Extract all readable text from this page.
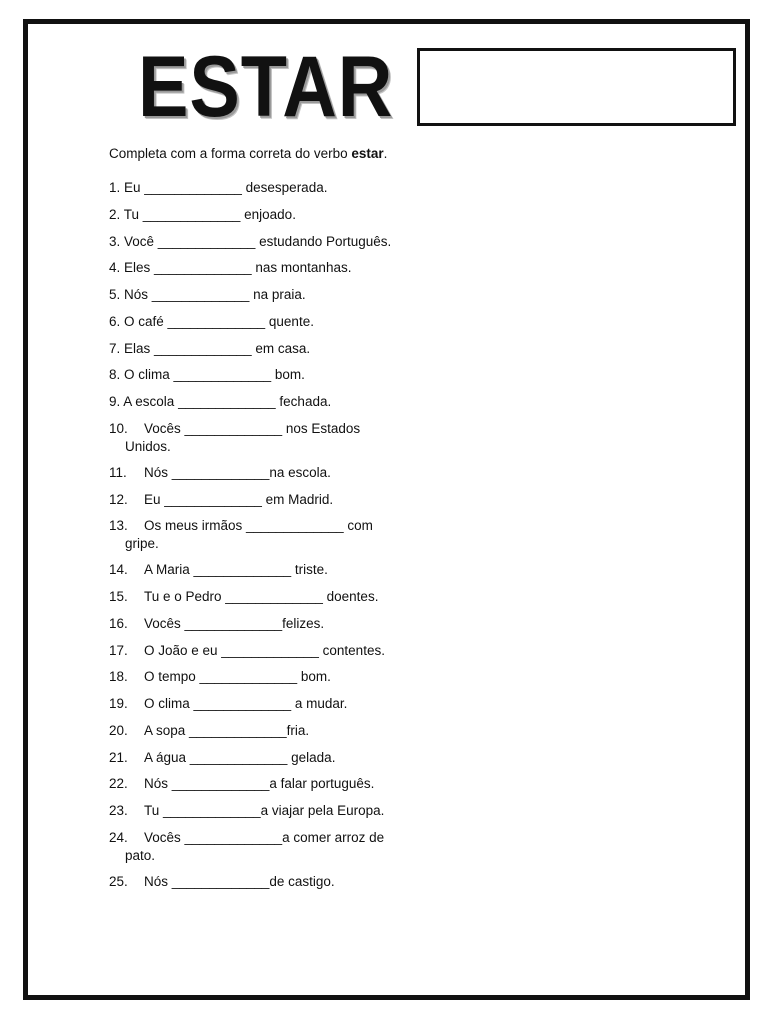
ESTAR
Completa com a forma correta do verbo estar.
1. Eu _____________ desesperada.
2. Tu _____________ enjoado.
3. Você _____________ estudando Português.
4. Eles _____________ nas montanhas.
5. Nós _____________ na praia.
6. O café _____________ quente.
7. Elas _____________ em casa.
8. O clima _____________ bom.
9. A escola _____________ fechada.
10. Vocês _____________ nos Estados
Unidos.
11. Nós _____________na escola.
12. Eu _____________ em Madrid.
13. Os meus irmãos _____________ com
gripe.
14. A Maria _____________ triste.
15. Tu e o Pedro _____________ doentes.
16. Vocês _____________felizes.
17. O João e eu _____________ contentes.
18. O tempo _____________ bom.
19. O clima _____________ a mudar.
20. A sopa _____________fria.
21. A água _____________ gelada.
22. Nós _____________a falar português.
23. Tu _____________a viajar pela Europa.
24. Vocês _____________a comer arroz de
pato.
25. Nós _____________de castigo.
